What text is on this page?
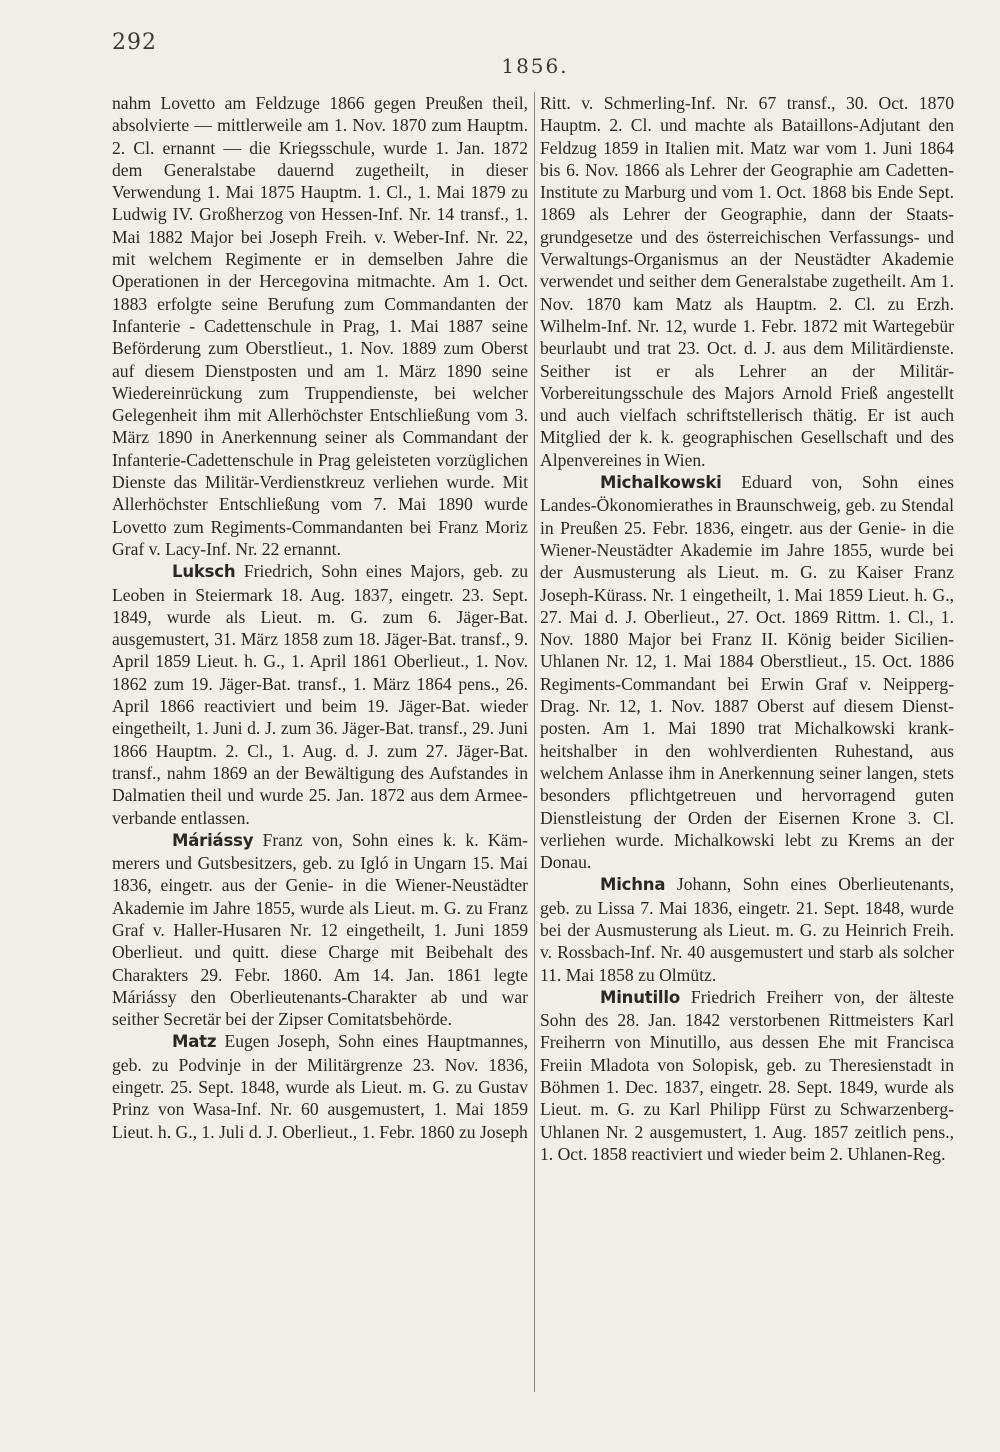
292
1856.

nahm Lovetto am Feldzuge 1866 gegen Preußen theil, absolvierte — mittlerweile am 1. Nov. 1870 zum Hauptm. 2. Cl. ernannt — die Kriegsschule, wurde 1. Jan. 1872 dem Generalstabe dauernd zugetheilt, in dieser Verwendung 1. Mai 1875 Hauptm. 1. Cl., 1. Mai 1879 zu Ludwig IV. Großherzog von Hessen-Inf. Nr. 14 transf., 1. Mai 1882 Major bei Joseph Freih. v. Weber-Inf. Nr. 22, mit welchem Regimente er in demselben Jahre die Operationen in der Hercegovina mitmachte. Am 1. Oct. 1883 erfolgte seine Berufung zum Commandanten der Infanterie - Cadettenschule in Prag, 1. Mai 1887 seine Beförderung zum Oberstlieut., 1. Nov. 1889 zum Oberst auf diesem Dienstposten und am 1. März 1890 seine Wiedereinrückung zum Truppendienste, bei welcher Gelegenheit ihm mit Allerhöchster Entschließung vom 3. März 1890 in Anerkennung seiner als Commandant der Infanterie-Cadettenschule in Prag geleisteten vorzüglichen Dienste das Militär-Verdienstkreuz verliehen wurde. Mit Allerhöchster Entschließung vom 7. Mai 1890 wurde Lovetto zum Regiments-Commandanten bei Franz Moriz Graf v. Lacy-Inf. Nr. 22 ernannt.

Luksch Friedrich, Sohn eines Majors, geb. zu Leoben in Steiermark 18. Aug. 1837, eingetr. 23. Sept. 1849, wurde als Lieut. m. G. zum 6. Jäger-Bat. ausgemustert, 31. März 1858 zum 18. Jäger-Bat. transf., 9. April 1859 Lieut. h. G., 1. April 1861 Oberlieut., 1. Nov. 1862 zum 19. Jäger-Bat. transf., 1. März 1864 pens., 26. April 1866 reactiviert und beim 19. Jäger-Bat. wieder eingetheilt, 1. Juni d. J. zum 36. Jäger-Bat. transf., 29. Juni 1866 Hauptm. 2. Cl., 1. Aug. d. J. zum 27. Jäger-Bat. transf., nahm 1869 an der Bewältigung des Aufstandes in Dalmatien theil und wurde 25. Jan. 1872 aus dem Armeeverbande entlassen.

Máriássy Franz von, Sohn eines k. k. Kämmerers und Gutsbesitzers, geb. zu Igló in Ungarn 15. Mai 1836, eingetr. aus der Genie- in die Wiener-Neustädter Akademie im Jahre 1855, wurde als Lieut. m. G. zu Franz Graf v. Haller-Husaren Nr. 12 eingetheilt, 1. Juni 1859 Oberlieut. und quitt. diese Charge mit Beibehalt des Charakters 29. Febr. 1860. Am 14. Jan. 1861 legte Máriássy den Oberlieutenants-Charakter ab und war seither Secretär bei der Zipser Comitatsbehörde.

Matz Eugen Joseph, Sohn eines Hauptmannes, geb. zu Podvinje in der Militärgrenze 23. Nov. 1836, eingetr. 25. Sept. 1848, wurde als Lieut. m. G. zu Gustav Prinz von Wasa-Inf. Nr. 60 ausgemustert, 1. Mai 1859 Lieut. h. G., 1. Juli d. J. Oberlieut., 1. Febr. 1860 zu Joseph

Ritt. v. Schmerling-Inf. Nr. 67 transf., 30. Oct. 1870 Hauptm. 2. Cl. und machte als Bataillons-Adjutant den Feldzug 1859 in Italien mit. Matz war vom 1. Juni 1864 bis 6. Nov. 1866 als Lehrer der Geographie am Cadetten-Institute zu Marburg und vom 1. Oct. 1868 bis Ende Sept. 1869 als Lehrer der Geographie, dann der Staatsgrundgesetze und des österreichischen Verfassungs- und Verwaltungs-Organismus an der Neustädter Akademie verwendet und seither dem Generalstabe zugetheilt. Am 1. Nov. 1870 kam Matz als Hauptm. 2. Cl. zu Erzh. Wilhelm-Inf. Nr. 12, wurde 1. Febr. 1872 mit Wartegebür beurlaubt und trat 23. Oct. d. J. aus dem Militärdienste. Seither ist er als Lehrer an der Militär-Vorbereitungsschule des Majors Arnold Frieß angestellt und auch vielfach schriftstellerisch thätig. Er ist auch Mitglied der k. k. geographischen Gesellschaft und des Alpenvereines in Wien.

Michalkowski Eduard von, Sohn eines Landes-Ökonomierathes in Braunschweig, geb. zu Stendal in Preußen 25. Febr. 1836, eingetr. aus der Genie- in die Wiener-Neustädter Akademie im Jahre 1855, wurde bei der Ausmusterung als Lieut. m. G. zu Kaiser Franz Joseph-Kürass. Nr. 1 eingetheilt, 1. Mai 1859 Lieut. h. G., 27. Mai d. J. Oberlieut., 27. Oct. 1869 Rittm. 1. Cl., 1. Nov. 1880 Major bei Franz II. König beider Sicilien-Uhlanen Nr. 12, 1. Mai 1884 Oberstlieut., 15. Oct. 1886 Regiments-Commandant bei Erwin Graf v. Neipperg-Drag. Nr. 12, 1. Nov. 1887 Oberst auf diesem Dienstposten. Am 1. Mai 1890 trat Michalkowski krankheitshalber in den wohlverdienten Ruhestand, aus welchem Anlasse ihm in Anerkennung seiner langen, stets besonders pflichtgetreuen und hervorragend guten Dienstleistung der Orden der Eisernen Krone 3. Cl. verliehen wurde. Michalkowski lebt zu Krems an der Donau.

Michna Johann, Sohn eines Oberlieutenants, geb. zu Lissa 7. Mai 1836, eingetr. 21. Sept. 1848, wurde bei der Ausmusterung als Lieut. m. G. zu Heinrich Freih. v. Rossbach-Inf. Nr. 40 ausgemustert und starb als solcher 11. Mai 1858 zu Olmütz.

Minutillo Friedrich Freiherr von, der älteste Sohn des 28. Jan. 1842 verstorbenen Rittmeisters Karl Freiherrn von Minutillo, aus dessen Ehe mit Francisca Freiin Mladota von Solopisk, geb. zu Theresienstadt in Böhmen 1. Dec. 1837, eingetr. 28. Sept. 1849, wurde als Lieut. m. G. zu Karl Philipp Fürst zu Schwarzenberg-Uhlanen Nr. 2 ausgemustert, 1. Aug. 1857 zeitlich pens., 1. Oct. 1858 reactiviert und wieder beim 2. Uhlanen-Reg.
